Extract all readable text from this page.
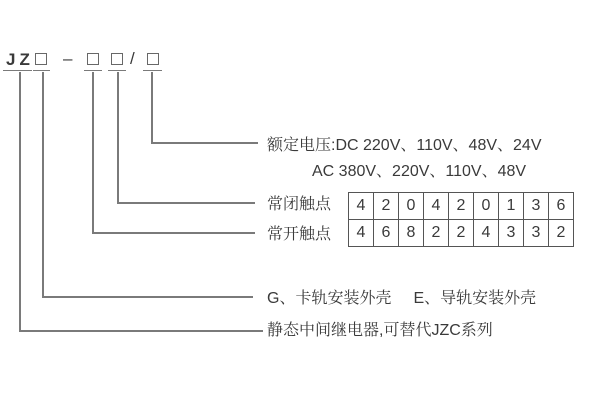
JZ –	/
额定电压:DC 220V、110V、48V、24V
AC 380V、220V、110V、48V
常闭触点
常开触点
G、卡轨安装外壳 E、导轨安装外壳
静态中间继电器,可替代JZC系列
4	2	0	4	2	0	1	3	6
4	6	8	2	2	4	3	3	2
